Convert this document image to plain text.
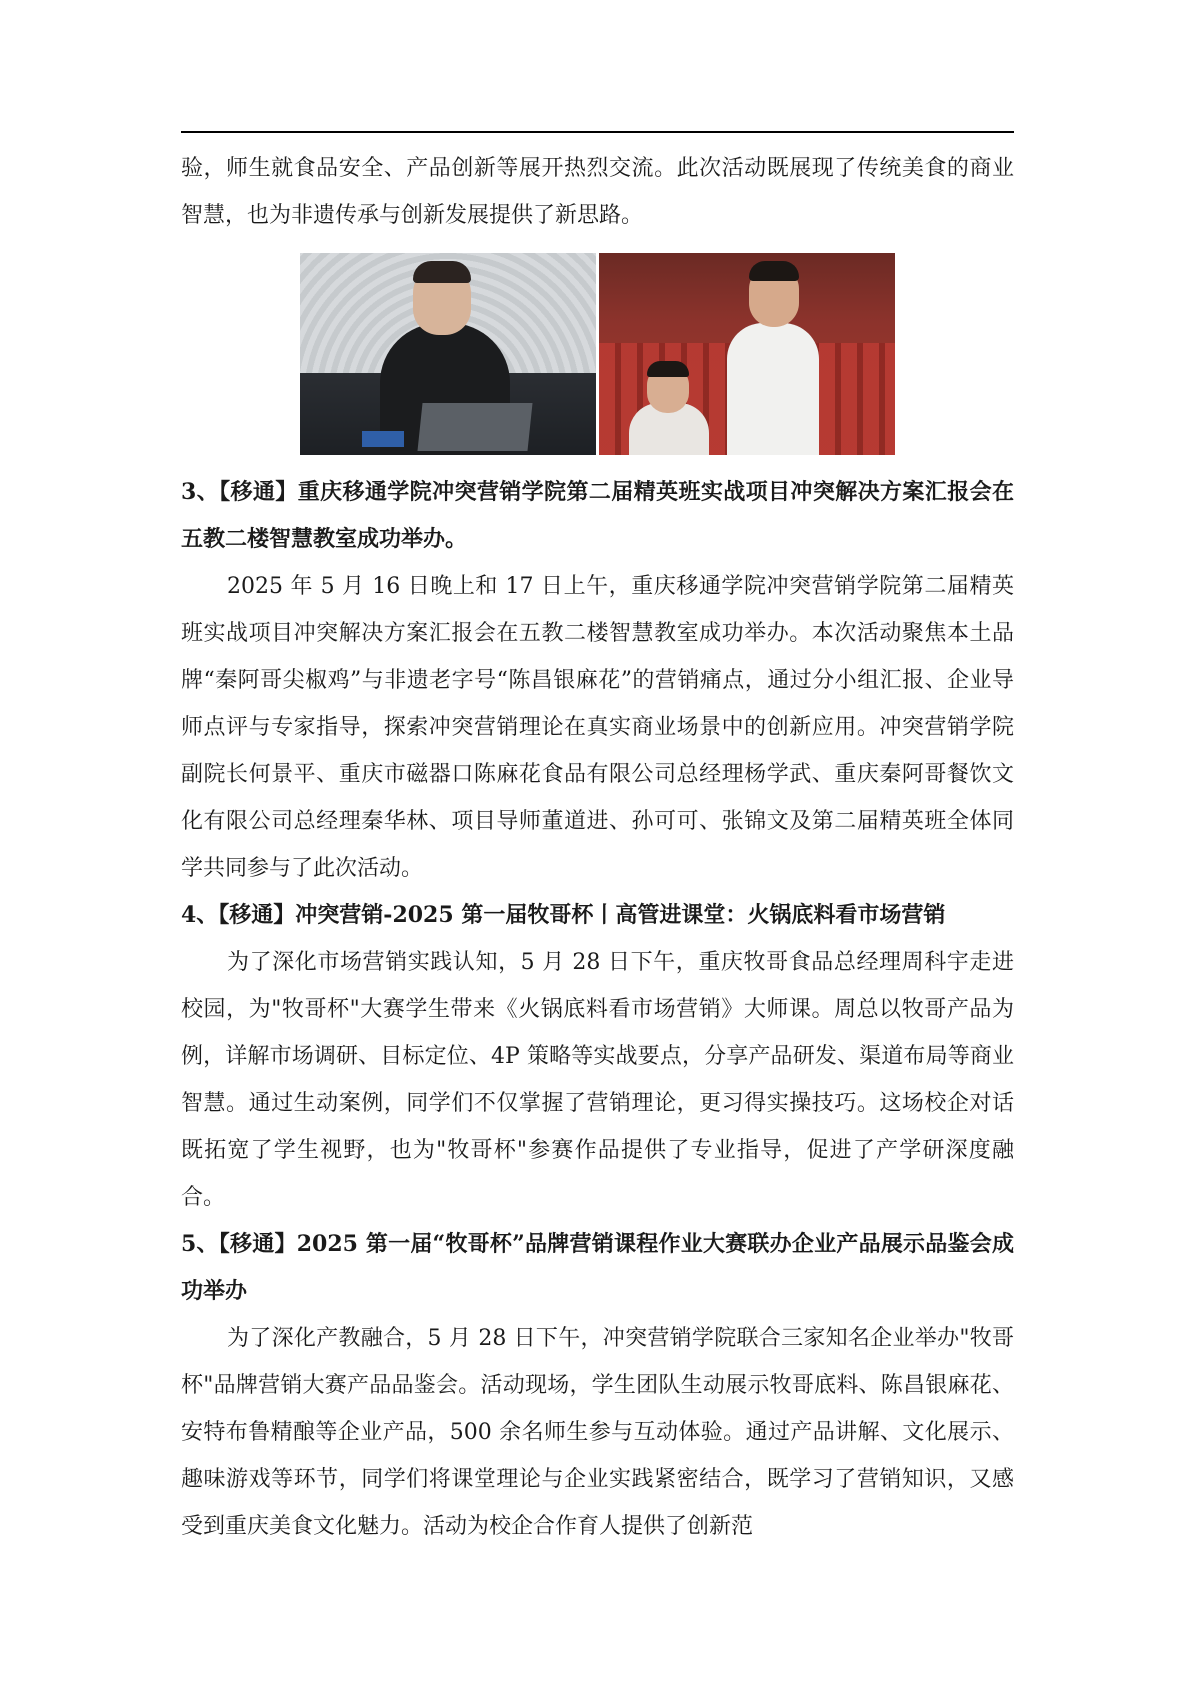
验，师生就食品安全、产品创新等展开热烈交流。此次活动既展现了传统美食的商业智慧，也为非遗传承与创新发展提供了新思路。

3、【移通】重庆移通学院冲突营销学院第二届精英班实战项目冲突解决方案汇报会在五教二楼智慧教室成功举办。

2025 年 5 月 16 日晚上和 17 日上午，重庆移通学院冲突营销学院第二届精英班实战项目冲突解决方案汇报会在五教二楼智慧教室成功举办。本次活动聚焦本土品牌“秦阿哥尖椒鸡”与非遗老字号“陈昌银麻花”的营销痛点，通过分小组汇报、企业导师点评与专家指导，探索冲突营销理论在真实商业场景中的创新应用。冲突营销学院副院长何景平、重庆市磁器口陈麻花食品有限公司总经理杨学武、重庆秦阿哥餐饮文化有限公司总经理秦华林、项目导师董道进、孙可可、张锦文及第二届精英班全体同学共同参与了此次活动。

4、【移通】冲突营销-2025 第一届牧哥杯丨高管进课堂：火锅底料看市场营销

为了深化市场营销实践认知，5 月 28 日下午，重庆牧哥食品总经理周科宇走进校园，为"牧哥杯"大赛学生带来《火锅底料看市场营销》大师课。周总以牧哥产品为例，详解市场调研、目标定位、4P 策略等实战要点，分享产品研发、渠道布局等商业智慧。通过生动案例，同学们不仅掌握了营销理论，更习得实操技巧。这场校企对话既拓宽了学生视野，也为"牧哥杯"参赛作品提供了专业指导，促进了产学研深度融合。

5、【移通】2025 第一届“牧哥杯”品牌营销课程作业大赛联办企业产品展示品鉴会成功举办

为了深化产教融合，5 月 28 日下午，冲突营销学院联合三家知名企业举办"牧哥杯"品牌营销大赛产品品鉴会。活动现场，学生团队生动展示牧哥底料、陈昌银麻花、安特布鲁精酿等企业产品，500 余名师生参与互动体验。通过产品讲解、文化展示、趣味游戏等环节，同学们将课堂理论与企业实践紧密结合，既学习了营销知识，又感受到重庆美食文化魅力。活动为校企合作育人提供了创新范
